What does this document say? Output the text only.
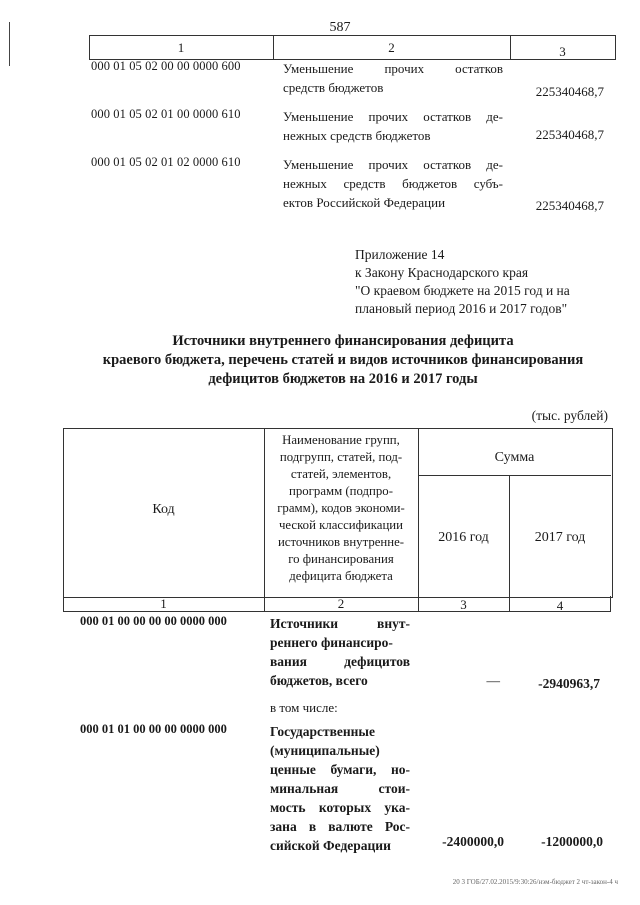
587
1	2	3
000 01 05 02 00 00 0000 600	Уменьшение прочих остатков
средств бюджетов	225340468,7
000 01 05 02 01 00 0000 610	Уменьшение прочих остатков де-
нежных средств бюджетов	225340468,7
000 01 05 02 01 02 0000 610	Уменьшение прочих остатков де-
нежных средств бюджетов субъ-
ектов Российской Федерации	225340468,7
Приложение 14
к Закону Краснодарского края
"О краевом бюджете на 2015 год и на
плановый период 2016 и 2017 годов"
Источники внутреннего финансирования дефицита
краевого бюджета, перечень статей и видов источников финансирования
дефицитов бюджетов на 2016 и 2017 годы
(тыс. рублей)
Код
Наименование групп,
подгрупп, статей, под-
статей, элементов,
программ (подпро-
грамм), кодов экономи-
ческой классификации
источников внутренне-
го финансирования
дефицита бюджета
Сумма
2016 год	2017 год
1	2	3	4
000 01 00 00 00 00 0000 000	Источники внут-
реннего финансиро-
вания дефицитов
бюджетов, всего	—	-2940963,7
в том числе:
000 01 01 00 00 00 0000 000	Государственные
(муниципальные)
ценные бумаги, но-
минальная стои-
мость которых ука-
зана в валюте Рос-
сийской Федерации	-2400000,0	-1200000,0
20 3 ГОБ/27.02.2015/9:30:26/нэм-бюджет 2 чт-закон-4 ч
